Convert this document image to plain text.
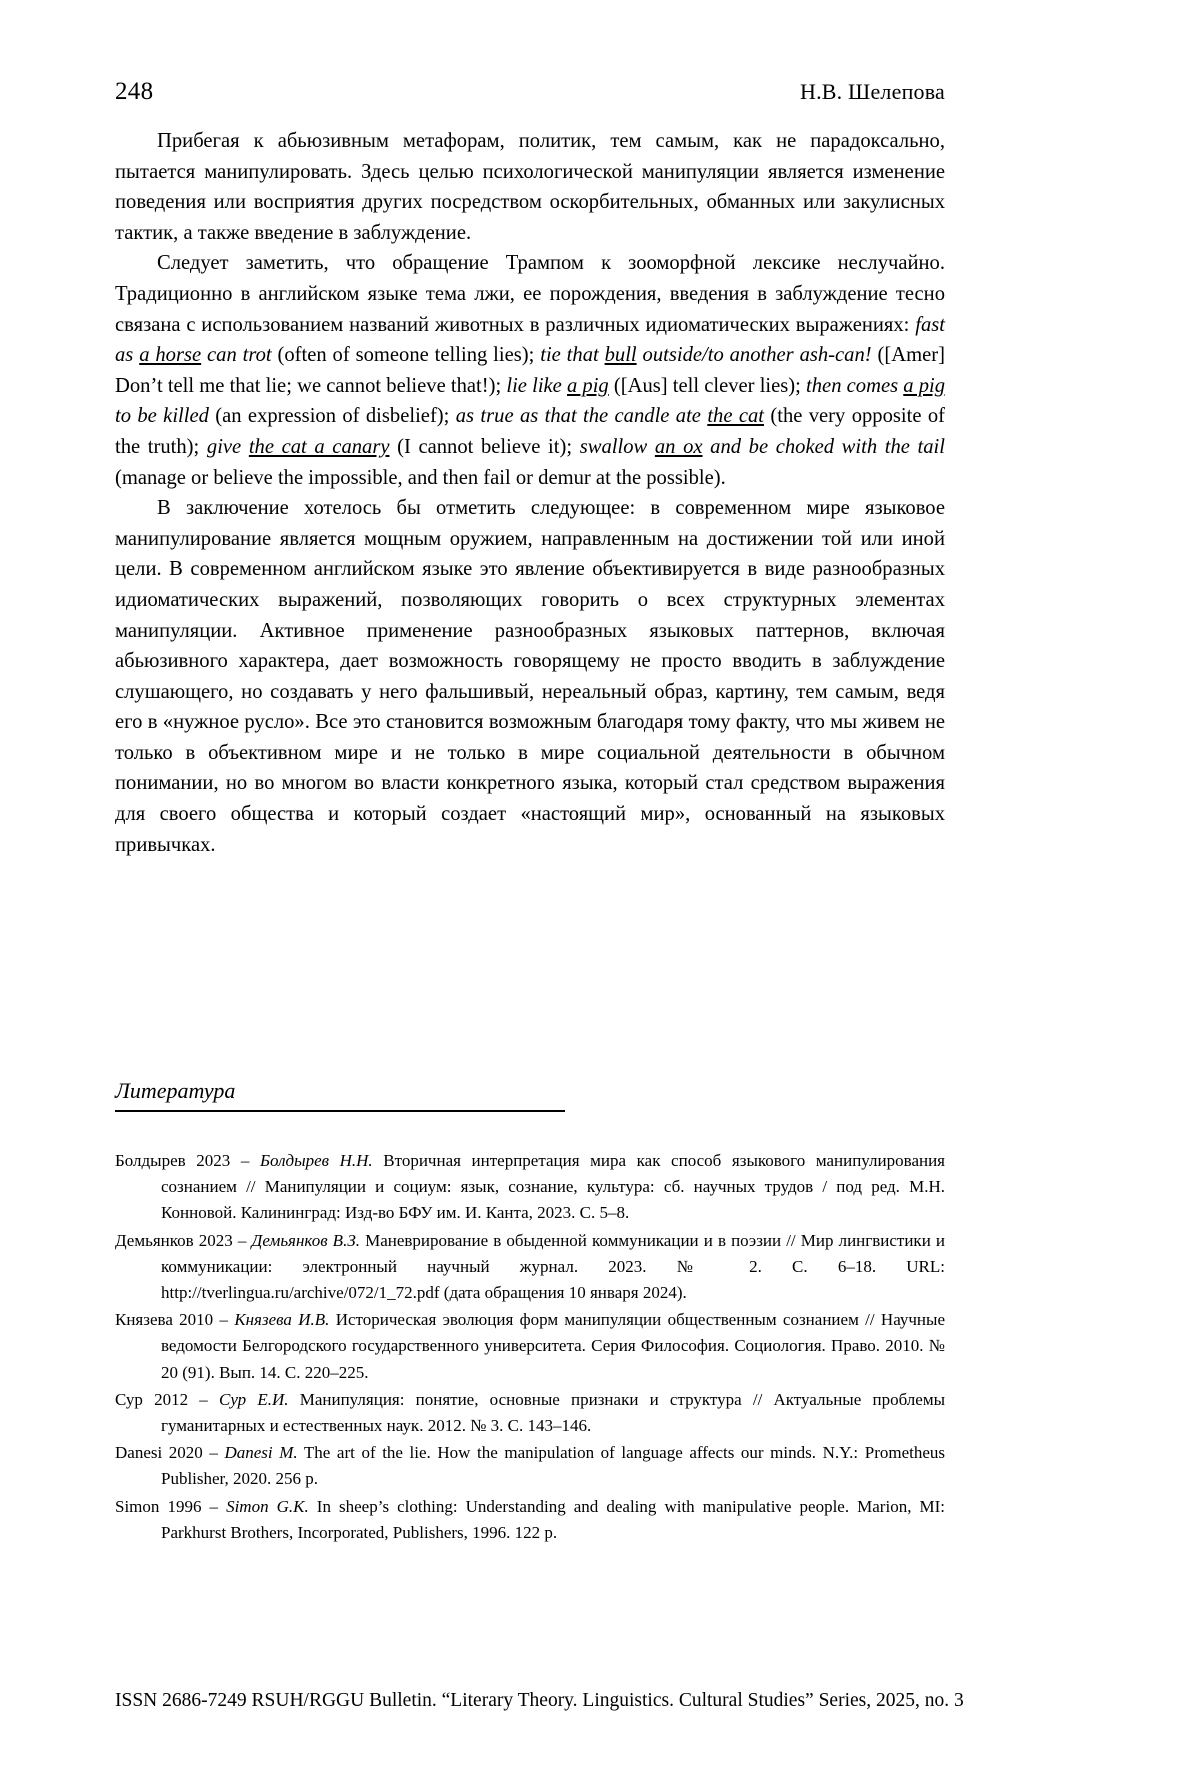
248	Н.В. Шелепова

Прибегая к абьюзивным метафорам, политик, тем самым, как не парадоксально, пытается манипулировать. Здесь целью психологической манипуляции является изменение поведения или восприятия других посредством оскорбительных, обманных или закулисных тактик, а также введение в заблуждение.

Следует заметить, что обращение Трампом к зооморфной лексике неслучайно. Традиционно в английском языке тема лжи, ее порождения, введения в заблуждение тесно связана с использованием названий животных в различных идиоматических выражениях: fast as a horse can trot (often of someone telling lies); tie that bull outside/to another ash-can! ([Amer] Don’t tell me that lie; we cannot believe that!); lie like a pig ([Aus] tell clever lies); then comes a pig to be killed (an expression of disbelief); as true as that the candle ate the cat (the very opposite of the truth); give the cat a canary (I cannot believe it); swallow an ox and be choked with the tail (manage or believe the impossible, and then fail or demur at the possible).

В заключение хотелось бы отметить следующее: в современном мире языковое манипулирование является мощным оружием, направленным на достижении той или иной цели. В современном английском языке это явление объективируется в виде разнообразных идиоматических выражений, позволяющих говорить о всех структурных элементах манипуляции. Активное применение разнообразных языковых паттернов, включая абьюзивного характера, дает возможность говорящему не просто вводить в заблуждение слушающего, но создавать у него фальшивый, нереальный образ, картину, тем самым, ведя его в «нужное русло». Все это становится возможным благодаря тому факту, что мы живем не только в объективном мире и не только в мире социальной деятельности в обычном понимании, но во многом во власти конкретного языка, который стал средством выражения для своего общества и который создает «настоящий мир», основанный на языковых привычках.

Литература

Болдырев 2023 – Болдырев Н.Н. Вторичная интерпретация мира как способ языкового манипулирования сознанием // Манипуляции и социум: язык, сознание, культура: сб. научных трудов / под ред. М.Н. Конновой. Калининград: Изд-во БФУ им. И. Канта, 2023. С. 5–8.

Демьянков 2023 – Демьянков В.З. Маневрирование в обыденной коммуникации и в поэзии // Мир лингвистики и коммуникации: электронный научный журнал. 2023. № 2. С. 6–18. URL: http://tverlingua.ru/archive/072/1_72.pdf (дата обращения 10 января 2024).

Князева 2010 – Князева И.В. Историческая эволюция форм манипуляции общественным сознанием // Научные ведомости Белгородского государственного университета. Серия Философия. Социология. Право. 2010. № 20 (91). Вып. 14. С. 220–225.

Сур 2012 – Сур Е.И. Манипуляция: понятие, основные признаки и структура // Актуальные проблемы гуманитарных и естественных наук. 2012. № 3. С. 143–146.

Danesi 2020 – Danesi M. The art of the lie. How the manipulation of language affects our minds. N.Y.: Prometheus Publisher, 2020. 256 p.

Simon 1996 – Simon G.K. In sheep’s clothing: Understanding and dealing with manipulative people. Marion, MI: Parkhurst Brothers, Incorporated, Publishers, 1996. 122 p.

ISSN 2686-7249 RSUH/RGGU Bulletin. “Literary Theory. Linguistics. Cultural Studies” Series, 2025, no. 3
